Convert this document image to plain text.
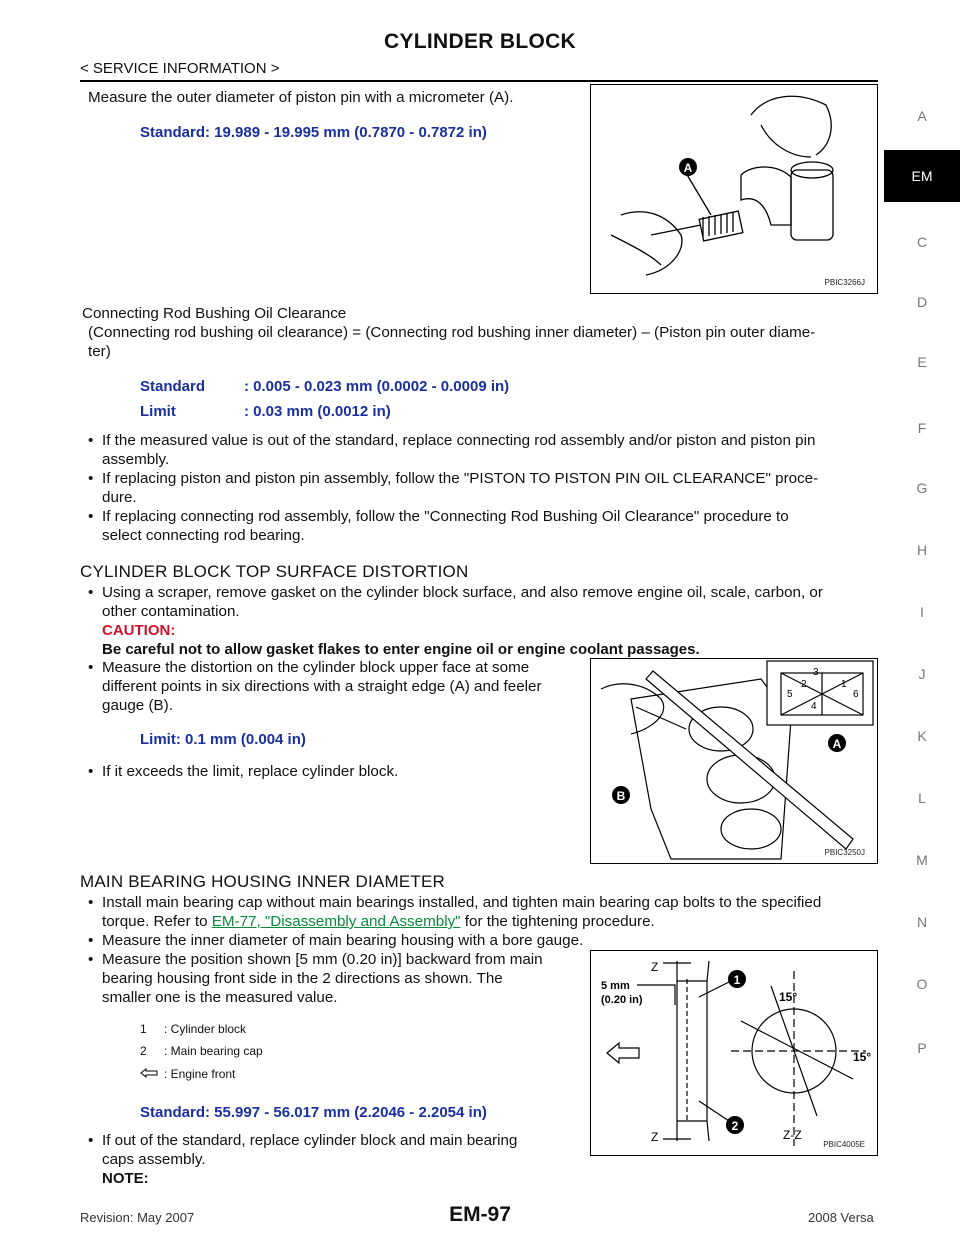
CYLINDER BLOCK
< SERVICE INFORMATION >
A
EM
C
D
E
F
G
H
I
J
K
L
M
N
O
P
Measure the outer diameter of piston pin with a micrometer (A).
Standard: 19.989 - 19.995 mm (0.7870 - 0.7872 in)
A
PBIC3266J
Connecting Rod Bushing Oil Clearance
(Connecting rod bushing oil clearance) = (Connecting rod bushing inner diameter) – (Piston pin outer diame-
ter)
Standard	: 0.005 - 0.023 mm (0.0002 - 0.0009 in)
Limit	: 0.03 mm (0.0012 in)
• If the measured value is out of the standard, replace connecting rod assembly and/or piston and piston pin
assembly.
• If replacing piston and piston pin assembly, follow the "PISTON TO PISTON PIN OIL CLEARANCE" proce-
dure.
• If replacing connecting rod assembly, follow the "Connecting Rod Bushing Oil Clearance" procedure to
select connecting rod bearing.
CYLINDER BLOCK TOP SURFACE DISTORTION
• Using a scraper, remove gasket on the cylinder block surface, and also remove engine oil, scale, carbon, or
other contamination.
CAUTION:
Be careful not to allow gasket flakes to enter engine oil or engine coolant passages.
• Measure the distortion on the cylinder block upper face at some
different points in six directions with a straight edge (A) and feeler
gauge (B).
Limit: 0.1 mm (0.004 in)
• If it exceeds the limit, replace cylinder block.
3
2	1
5	6
4
A
B
PBIC3250J
MAIN BEARING HOUSING INNER DIAMETER
• Install main bearing cap without main bearings installed, and tighten main bearing cap bolts to the specified
torque. Refer to EM-77, "Disassembly and Assembly" for the tightening procedure.
• Measure the inner diameter of main bearing housing with a bore gauge.
• Measure the position shown [5 mm (0.20 in)] backward from main
bearing housing front side in the 2 directions as shown. The
smaller one is the measured value.
1 : Cylinder block
2 : Main bearing cap
: Engine front
Standard: 55.997 - 56.017 mm (2.2046 - 2.2054 in)
• If out of the standard, replace cylinder block and main bearing
caps assembly.
NOTE:
5 mm
(0.20 in)
Z
Z	Z-Z
15°
15°
1
2
PBIC4005E
Revision: May 2007	EM-97	2008 Versa
